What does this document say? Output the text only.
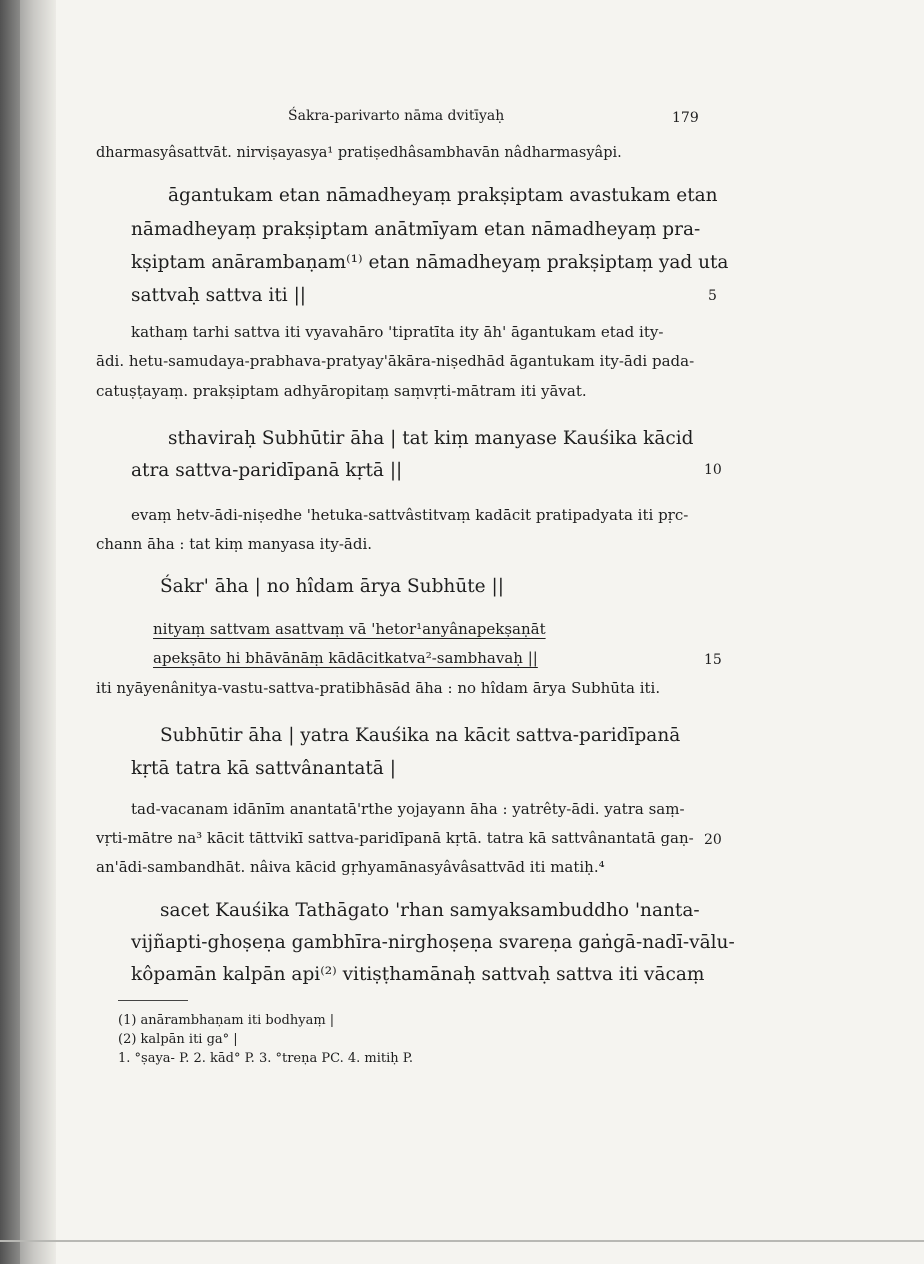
Śakra-parivarto nāma dvitīyaḥ	179
dharmasyâsattvāt. nirviṣayasya¹ pratiṣedhâsambhavān nâdharmasyâpi.
āgantukam etan nāmadheyaṃ prakṣiptam avastukam etan
nāmadheyaṃ prakṣiptam anātmīyam etan nāmadheyaṃ pra-
kṣiptam anārambaṇam⁽¹⁾ etan nāmadheyaṃ prakṣiptaṃ yad uta
sattvaḥ sattva iti ||	5
kathaṃ tarhi sattva iti vyavahāro 'tipratīta ity āh' āgantukam etad ity-
ādi. hetu-samudaya-prabhava-pratyay'ākāra-niṣedhād āgantukam ity-ādi pada-
catuṣṭayaṃ. prakṣiptam adhyāropitaṃ saṃvṛti-mātram iti yāvat.
sthaviraḥ Subhūtir āha | tat kiṃ manyase Kauśika kācid
atra sattva-paridīpanā kṛtā ||	10
evaṃ hetv-ādi-niṣedhe 'hetuka-sattvâstitvaṃ kadācit pratipadyata iti pṛc-
chann āha : tat kiṃ manyasa ity-ādi.
Śakr' āha | no hîdam ārya Subhūte ||
nityaṃ sattvam asattvaṃ vā 'hetor¹anyânapekṣaṇāt
apekṣāto hi bhāvānāṃ kādācitkatva²-sambhavaḥ ||	15
iti nyāyenânitya-vastu-sattva-pratibhāsād āha : no hîdam ārya Subhūta iti.
Subhūtir āha | yatra Kauśika na kācit sattva-paridīpanā
kṛtā tatra kā sattvânantatā |
tad-vacanam idānīm anantatā'rthe yojayann āha : yatrêty-ādi. yatra saṃ-
vṛti-mātre na³ kācit tāttvikī sattva-paridīpanā kṛtā. tatra kā sattvânantatā gaṇ- 20
an'ādi-sambandhāt. nâiva kācid gṛhyamānasyâvâsattvād iti matiḥ.⁴
sacet Kauśika Tathāgato 'rhan samyaksambuddho 'nanta-
vijñapti-ghoṣeṇa gambhīra-nirghoṣeṇa svareṇa gaṅgā-nadī-vālu-
kôpamān kalpān api⁽²⁾ vitiṣṭhamānaḥ sattvaḥ sattva iti vācaṃ
(1) anārambhaṇam iti bodhyaṃ |
(2) kalpān iti ga° |
1. °ṣaya- P. 2. kād° P. 3. °treṇa PC. 4. mitiḥ P.
